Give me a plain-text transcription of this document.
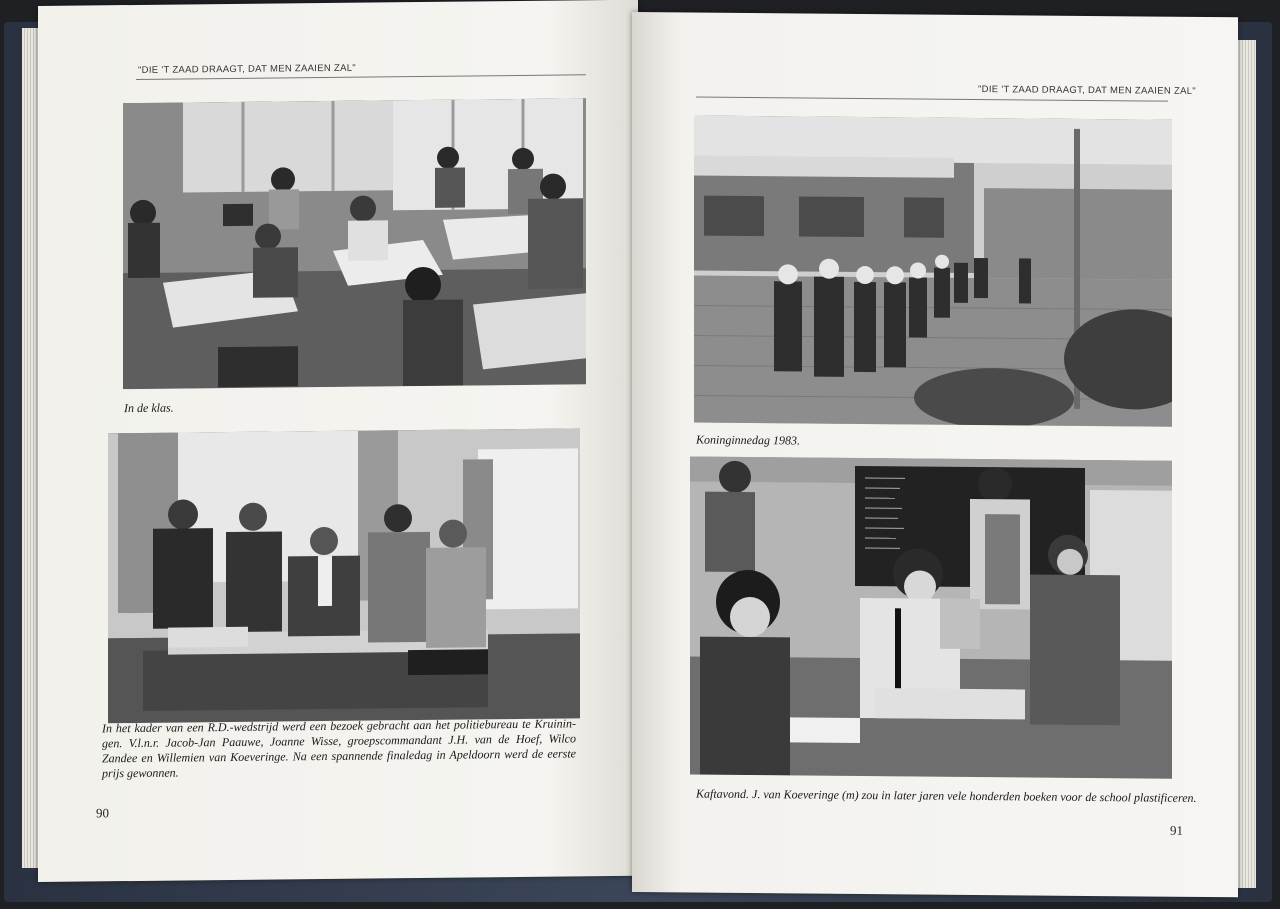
"DIE 'T ZAAD DRAAGT, DAT MEN ZAAIEN ZAL"
In de klas.
In het kader van een R.D.-wedstrijd werd een bezoek gebracht aan het politiebureau te Kruinin-gen. V.l.n.r. Jacob-Jan Paauwe, Joanne Wisse, groepscommandant J.H. van de Hoef, Wilco Zandee en Willemien van Koeveringe. Na een spannende finaledag in Apeldoorn werd de eerste prijs gewonnen.
90
"DIE 'T ZAAD DRAAGT, DAT MEN ZAAIEN ZAL"
Koninginnedag 1983.
Kaftavond. J. van Koeveringe (m) zou in later jaren vele honderden boeken voor de school plastificeren.
91
